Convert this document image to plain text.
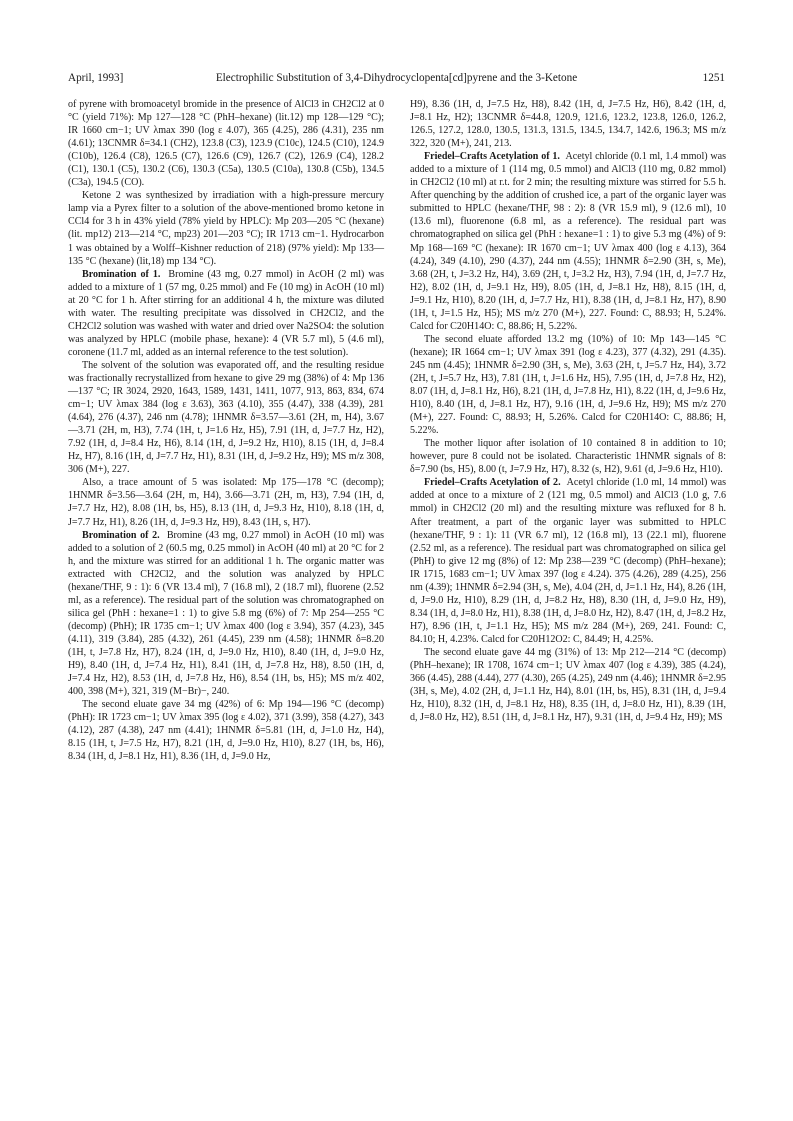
April, 1993]	Electrophilic Substitution of 3,4-Dihydrocyclopenta[cd]pyrene and the 3-Ketone	1251

of pyrene with bromoacetyl bromide in the presence of AlCl3 in CH2Cl2 at 0 °C (yield 71%): Mp 127—128 °C (PhH–hexane) (lit.12) mp 128—129 °C); IR 1660 cm−1; UV λmax 390 (log ε 4.07), 365 (4.25), 286 (4.31), 235 nm (4.61); 13CNMR δ=34.1 (CH2), 123.8 (C3), 123.9 (C10c), 124.5 (C10), 124.9 (C10b), 126.4 (C8), 126.5 (C7), 126.6 (C9), 126.7 (C2), 126.9 (C4), 128.2 (C1), 130.1 (C5), 130.2 (C6), 130.3 (C5a), 130.5 (C10a), 130.8 (C5b), 134.5 (C3a), 194.5 (CO).

Ketone 2 was synthesized by irradiation with a high-pressure mercury lamp via a Pyrex filter to a solution of the above-mentioned bromo ketone in CCl4 for 3 h in 43% yield (78% yield by HPLC): Mp 203—205 °C (hexane) (lit. mp12) 213—214 °C, mp23) 201—203 °C); IR 1713 cm−1. Hydrocarbon 1 was obtained by a Wolff–Kishner reduction of 218) (97% yield): Mp 133—135 °C (hexane) (lit,18) mp 134 °C).

Bromination of 1. Bromine (43 mg, 0.27 mmol) in AcOH (2 ml) was added to a mixture of 1 (57 mg, 0.25 mmol) and Fe (10 mg) in AcOH (10 ml) at 20 °C for 1 h. After stirring for an additional 4 h, the mixture was diluted with water. The resulting precipitate was dissolved in CH2Cl2, and the CH2Cl2 solution was washed with water and dried over Na2SO4: the solution was analyzed by HPLC (mobile phase, hexane): 4 (VR 5.7 ml), 5 (4.6 ml), coronene (11.7 ml, added as an internal reference to the test solution).

The solvent of the solution was evaporated off, and the resulting residue was fractionally recrystallized from hexane to give 29 mg (38%) of 4: Mp 136—137 °C; IR 3024, 2920, 1643, 1589, 1431, 1411, 1077, 913, 863, 834, 674 cm−1; UV λmax 384 (log ε 3.63), 363 (4.10), 355 (4.47), 338 (4.39), 281 (4.64), 276 (4.37), 246 nm (4.78); 1HNMR δ=3.57—3.61 (2H, m, H4), 3.67—3.71 (2H, m, H3), 7.74 (1H, t, J=1.6 Hz, H5), 7.91 (1H, d, J=7.7 Hz, H2), 7.92 (1H, d, J=8.4 Hz, H6), 8.14 (1H, d, J=9.2 Hz, H10), 8.15 (1H, d, J=8.4 Hz, H7), 8.16 (1H, d, J=7.7 Hz, H1), 8.31 (1H, d, J=9.2 Hz, H9); MS m/z 308, 306 (M+), 227.

Also, a trace amount of 5 was isolated: Mp 175—178 °C (decomp); 1HNMR δ=3.56—3.64 (2H, m, H4), 3.66—3.71 (2H, m, H3), 7.94 (1H, d, J=7.7 Hz, H2), 8.08 (1H, bs, H5), 8.13 (1H, d, J=9.3 Hz, H10), 8.18 (1H, d, J=7.7 Hz, H1), 8.26 (1H, d, J=9.3 Hz, H9), 8.43 (1H, s, H7).

Bromination of 2. Bromine (43 mg, 0.27 mmol) in AcOH (10 ml) was added to a solution of 2 (60.5 mg, 0.25 mmol) in AcOH (40 ml) at 20 °C for 2 h, and the mixture was stirred for an additional 1 h. The organic matter was extracted with CH2Cl2, and the solution was analyzed by HPLC (hexane/THF, 9 : 1): 6 (VR 13.4 ml), 7 (16.8 ml), 2 (18.7 ml), fluorene (2.52 ml, as a reference). The residual part of the solution was chromatographed on silica gel (PhH : hexane=1 : 1) to give 5.8 mg (6%) of 7: Mp 254—255 °C (decomp) (PhH); IR 1735 cm−1; UV λmax 400 (log ε 3.94), 357 (4.23), 345 (4.11), 319 (3.84), 285 (4.32), 261 (4.45), 239 nm (4.58); 1HNMR δ=8.20 (1H, t, J=7.8 Hz, H7), 8.24 (1H, d, J=9.0 Hz, H10), 8.40 (1H, d, J=9.0 Hz, H9), 8.40 (1H, d, J=7.4 Hz, H1), 8.41 (1H, d, J=7.8 Hz, H8), 8.50 (1H, d, J=7.4 Hz, H2), 8.53 (1H, d, J=7.8 Hz, H6), 8.54 (1H, bs, H5); MS m/z 402, 400, 398 (M+), 321, 319 (M−Br)−, 240.

The second eluate gave 34 mg (42%) of 6: Mp 194—196 °C (decomp) (PhH): IR 1723 cm−1; UV λmax 395 (log ε 4.02), 371 (3.99), 358 (4.27), 343 (4.12), 287 (4.38), 247 nm (4.41); 1HNMR δ=5.81 (1H, d, J=1.0 Hz, H4), 8.15 (1H, t, J=7.5 Hz, H7), 8.21 (1H, d, J=9.0 Hz, H10), 8.27 (1H, bs, H6), 8.34 (1H, d, J=8.1 Hz, H1), 8.36 (1H, d, J=9.0 Hz,

H9), 8.36 (1H, d, J=7.5 Hz, H8), 8.42 (1H, d, J=7.5 Hz, H6), 8.42 (1H, d, J=8.1 Hz, H2); 13CNMR δ=44.8, 120.9, 121.6, 123.2, 123.8, 126.0, 126.2, 126.5, 127.2, 128.0, 130.5, 131.3, 131.5, 134.5, 134.7, 142.6, 196.3; MS m/z 322, 320 (M+), 241, 213.

Friedel–Crafts Acetylation of 1. Acetyl chloride (0.1 ml, 1.4 mmol) was added to a mixture of 1 (114 mg, 0.5 mmol) and AlCl3 (110 mg, 0.82 mmol) in CH2Cl2 (10 ml) at r.t. for 2 min; the resulting mixture was stirred for 5.5 h. After quenching by the addition of crushed ice, a part of the organic layer was submitted to HPLC (hexane/THF, 98 : 2): 8 (VR 15.9 ml), 9 (12.6 ml), 10 (13.6 ml), fluorenone (6.8 ml, as a reference). The residual part was chromatographed on silica gel (PhH : hexane=1 : 1) to give 5.3 mg (4%) of 9: Mp 168—169 °C (hexane): IR 1670 cm−1; UV λmax 400 (log ε 4.13), 364 (4.24), 349 (4.10), 290 (4.37), 244 nm (4.55); 1HNMR δ=2.90 (3H, s, Me), 3.68 (2H, t, J=3.2 Hz, H4), 3.69 (2H, t, J=3.2 Hz, H3), 7.94 (1H, d, J=7.7 Hz, H2), 8.02 (1H, d, J=9.1 Hz, H9), 8.05 (1H, d, J=8.1 Hz, H8), 8.15 (1H, d, J=9.1 Hz, H10), 8.20 (1H, d, J=7.7 Hz, H1), 8.38 (1H, d, J=8.1 Hz, H7), 8.90 (1H, t, J=1.5 Hz, H5); MS m/z 270 (M+), 227. Found: C, 88.93; H, 5.24%. Calcd for C20H14O: C, 88.86; H, 5.22%.

The second eluate afforded 13.2 mg (10%) of 10: Mp 143—145 °C (hexane); IR 1664 cm−1; UV λmax 391 (log ε 4.23), 377 (4.32), 291 (4.35). 245 nm (4.45); 1HNMR δ=2.90 (3H, s, Me), 3.63 (2H, t, J=5.7 Hz, H4), 3.72 (2H, t, J=5.7 Hz, H3), 7.81 (1H, t, J=1.6 Hz, H5), 7.95 (1H, d, J=7.8 Hz, H2), 8.07 (1H, d, J=8.1 Hz, H6), 8.21 (1H, d, J=7.8 Hz, H1), 8.22 (1H, d, J=9.6 Hz, H10), 8.40 (1H, d, J=8.1 Hz, H7), 9.16 (1H, d, J=9.6 Hz, H9); MS m/z 270 (M+), 227. Found: C, 88.93; H, 5.26%. Calcd for C20H14O: C, 88.86; H, 5.22%.

The mother liquor after isolation of 10 contained 8 in addition to 10; however, pure 8 could not be isolated. Characteristic 1HNMR signals of 8: δ=7.90 (bs, H5), 8.00 (t, J=7.9 Hz, H7), 8.32 (s, H2), 9.61 (d, J=9.6 Hz, H10).

Friedel–Crafts Acetylation of 2. Acetyl chloride (1.0 ml, 14 mmol) was added at once to a mixture of 2 (121 mg, 0.5 mmol) and AlCl3 (1.0 g, 7.6 mmol) in CH2Cl2 (20 ml) and the resulting mixture was refluxed for 8 h. After treatment, a part of the organic layer was submitted to HPLC (hexane/THF, 9 : 1): 11 (VR 6.7 ml), 12 (16.8 ml), 13 (22.1 ml), fluorene (2.52 ml, as a reference). The residual part was chromatographed on silica gel (PhH) to give 12 mg (8%) of 12: Mp 238—239 °C (decomp) (PhH–hexane); IR 1715, 1683 cm−1; UV λmax 397 (log ε 4.24). 375 (4.26), 289 (4.25), 256 nm (4.39); 1HNMR δ=2.94 (3H, s, Me), 4.04 (2H, d, J=1.1 Hz, H4), 8.26 (1H, d, J=9.0 Hz, H10), 8.29 (1H, d, J=8.2 Hz, H8), 8.30 (1H, d, J=9.0 Hz, H9), 8.34 (1H, d, J=8.0 Hz, H1), 8.38 (1H, d, J=8.0 Hz, H2), 8.47 (1H, d, J=8.2 Hz, H7), 8.96 (1H, t, J=1.1 Hz, H5); MS m/z 284 (M+), 269, 241. Found: C, 84.10; H, 4.23%. Calcd for C20H12O2: C, 84.49; H, 4.25%.

The second eluate gave 44 mg (31%) of 13: Mp 212—214 °C (decomp) (PhH–hexane); IR 1708, 1674 cm−1; UV λmax 407 (log ε 4.39), 385 (4.24), 366 (4.45), 288 (4.44), 277 (4.30), 265 (4.25), 249 nm (4.46); 1HNMR δ=2.95 (3H, s, Me), 4.02 (2H, d, J=1.1 Hz, H4), 8.01 (1H, bs, H5), 8.31 (1H, d, J=9.4 Hz, H10), 8.32 (1H, d, J=8.1 Hz, H8), 8.35 (1H, d, J=8.0 Hz, H1), 8.39 (1H, d, J=8.0 Hz, H2), 8.51 (1H, d, J=8.1 Hz, H7), 9.31 (1H, d, J=9.4 Hz, H9); MS
